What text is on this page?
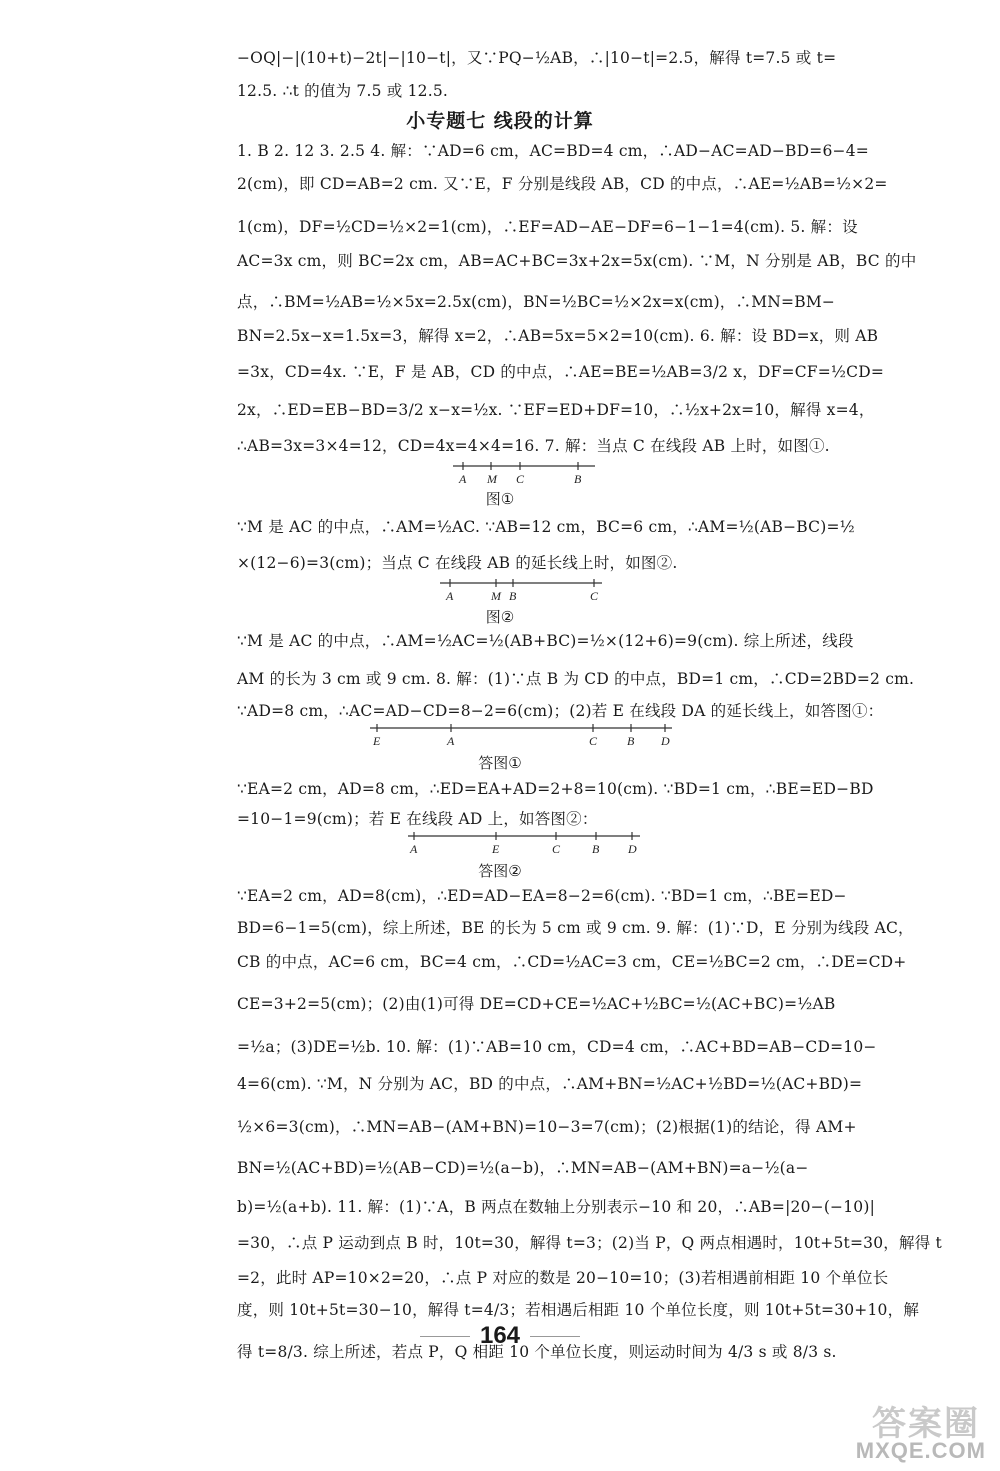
−OQ|−|(10+t)−2t|−|10−t|，又∵PQ−½AB，∴|10−t|=2.5，解得 t=7.5 或 t=
12.5. ∴t 的值为 7.5 或 12.5.
小专题七 线段的计算
1. B 2. 12 3. 2.5 4. 解：∵AD=6 cm，AC=BD=4 cm，∴AD−AC=AD−BD=6−4=
2(cm)，即 CD=AB=2 cm. 又∵E，F 分别是线段 AB，CD 的中点，∴AE=½AB=½×2=
1(cm)，DF=½CD=½×2=1(cm)，∴EF=AD−AE−DF=6−1−1=4(cm). 5. 解：设
AC=3x cm，则 BC=2x cm，AB=AC+BC=3x+2x=5x(cm). ∵M，N 分别是 AB，BC 的中
点，∴BM=½AB=½×5x=2.5x(cm)，BN=½BC=½×2x=x(cm)，∴MN=BM−
BN=2.5x−x=1.5x=3，解得 x=2，∴AB=5x=5×2=10(cm). 6. 解：设 BD=x，则 AB
=3x，CD=4x. ∵E，F 是 AB，CD 的中点，∴AE=BE=½AB=3/2 x，DF=CF=½CD=
2x，∴ED=EB−BD=3/2 x−x=½x. ∵EF=ED+DF=10，∴½x+2x=10，解得 x=4，
∴AB=3x=3×4=12，CD=4x=4×4=16. 7. 解：当点 C 在线段 AB 上时，如图①.
A M C	B
图①
∵M 是 AC 的中点，∴AM=½AC. ∵AB=12 cm，BC=6 cm，∴AM=½(AB−BC)=½
×(12−6)=3(cm)；当点 C 在线段 AB 的延长线上时，如图②.
A	M B	C
图②
∵M 是 AC 的中点，∴AM=½AC=½(AB+BC)=½×(12+6)=9(cm). 综上所述，线段
AM 的长为 3 cm 或 9 cm. 8. 解：(1)∵点 B 为 CD 的中点，BD=1 cm，∴CD=2BD=2 cm.
∵AD=8 cm，∴AC=AD−CD=8−2=6(cm)；(2)若 E 在线段 DA 的延长线上，如答图①：
E	A	C B D
答图①
∵EA=2 cm，AD=8 cm，∴ED=EA+AD=2+8=10(cm). ∵BD=1 cm，∴BE=ED−BD
=10−1=9(cm)；若 E 在线段 AD 上，如答图②：
A	E	C	B D
答图②
∵EA=2 cm，AD=8(cm)，∴ED=AD−EA=8−2=6(cm). ∵BD=1 cm，∴BE=ED−
BD=6−1=5(cm)，综上所述，BE 的长为 5 cm 或 9 cm. 9. 解：(1)∵D，E 分别为线段 AC，
CB 的中点，AC=6 cm，BC=4 cm，∴CD=½AC=3 cm，CE=½BC=2 cm，∴DE=CD+
CE=3+2=5(cm)；(2)由(1)可得 DE=CD+CE=½AC+½BC=½(AC+BC)=½AB
=½a；(3)DE=½b. 10. 解：(1)∵AB=10 cm，CD=4 cm，∴AC+BD=AB−CD=10−
4=6(cm). ∵M，N 分别为 AC，BD 的中点，∴AM+BN=½AC+½BD=½(AC+BD)=
½×6=3(cm)，∴MN=AB−(AM+BN)=10−3=7(cm)；(2)根据(1)的结论，得 AM+
BN=½(AC+BD)=½(AB−CD)=½(a−b)，∴MN=AB−(AM+BN)=a−½(a−
b)=½(a+b). 11. 解：(1)∵A，B 两点在数轴上分别表示−10 和 20，∴AB=|20−(−10)|
=30，∴点 P 运动到点 B 时，10t=30，解得 t=3；(2)当 P，Q 两点相遇时，10t+5t=30，解得 t
=2，此时 AP=10×2=20，∴点 P 对应的数是 20−10=10；(3)若相遇前相距 10 个单位长
度，则 10t+5t=30−10，解得 t=4/3；若相遇后相距 10 个单位长度，则 10t+5t=30+10，解
得 t=8/3. 综上所述，若点 P，Q 相距 10 个单位长度，则运动时间为 4/3 s 或 8/3 s.
164
答案圈
MXQE.COM
